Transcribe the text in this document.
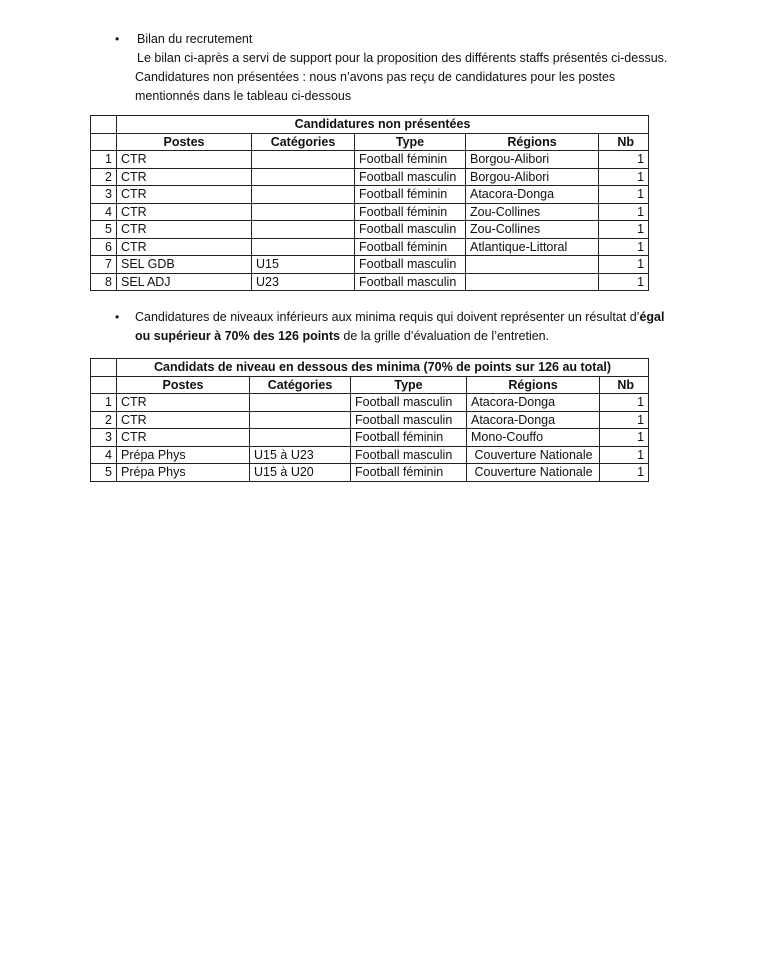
• Bilan du recrutement
Le bilan ci-après a servi de support pour la proposition des différents staffs présentés ci-dessus.
Candidatures non présentées : nous n’avons pas reçu de candidatures pour les postes
mentionnés dans le tableau ci-dessous
	Candidatures non présentées				
	Postes	Catégories	Type	Régions	Nb
1	CTR		Football féminin	Borgou-Alibori	1
2	CTR		Football masculin	Borgou-Alibori	1
3	CTR		Football féminin	Atacora-Donga	1
4	CTR		Football féminin	Zou-Collines	1
5	CTR		Football masculin	Zou-Collines	1
6	CTR		Football féminin	Atlantique-Littoral	1
7	SEL GDB	U15	Football masculin		1
8	SEL ADJ	U23	Football masculin		1
• Candidatures de niveaux inférieurs aux minima requis qui doivent représenter un résultat d’égal
ou supérieur à 70% des 126 points de la grille d’évaluation de l’entretien.
	Candidats de niveau en dessous des minima (70% de points sur 126 au total)				
	Postes	Catégories	Type	Régions	Nb
1	CTR		Football masculin	Atacora-Donga	1
2	CTR		Football masculin	Atacora-Donga	1
3	CTR		Football féminin	Mono-Couffo	1
4	Prépa Phys	U15 à U23	Football masculin	Couverture Nationale	1
5	Prépa Phys	U15 à U20	Football féminin	Couverture Nationale	1
